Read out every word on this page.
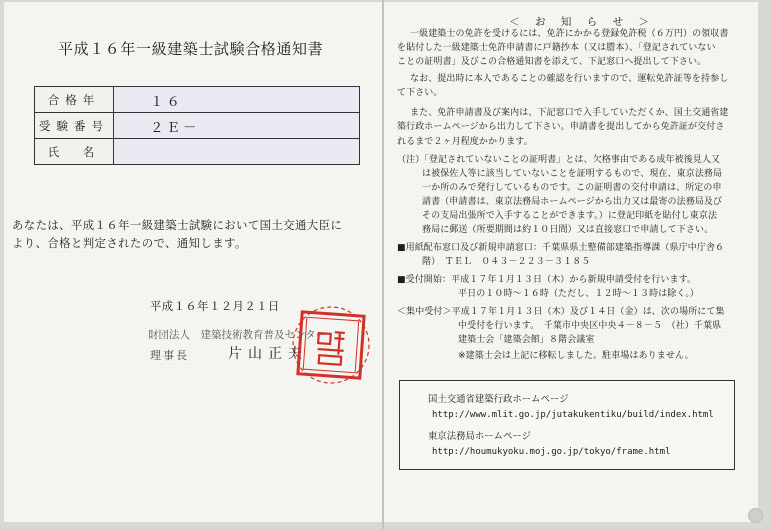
平成１６年一級建築士試験合格通知書
合格年	１６
受験番号	２Ｅ－
氏　名	
あなたは、平成１６年一級建築士試験において国土交通大臣に
より、合格と判定されたので、通知します。
平成１６年１２月２１日
財団法人　建築技術教育普及センター
理事長	片山正夫
＜ お 知 ら せ ＞
一級建築士の免許を受けるには、免許にかかる登録免許税（６万円）の領収書
を貼付した一級建築士免許申請書に戸籍抄本（又は謄本）、「登記されていない
ことの証明書」及びこの合格通知書を添えて、下記窓口へ提出して下さい。
なお、提出時に本人であることの確認を行いますので、運転免許証等を持参し
て下さい。
また、免許申請書及び案内は、下記窓口で入手していただくか、国土交通省建
築行政ホームページから出力して下さい。申請書を提出してから免許証が交付さ
れるまで２ヶ月程度かかります。
（注）「登記されていないことの証明書」とは、欠格事由である成年被後見人又
は被保佐人等に該当していないことを証明するもので、現在、東京法務局
一か所のみで発行しているものです。この証明書の交付申請は、所定の申
請書（申請書は、東京法務局ホームページから出力又は最寄の法務局及び
その支局出張所で入手することができます。）に登記印紙を貼付し東京法
務局に郵送（所要期間は約１０日間）又は直接窓口で申請して下さい。
■用紙配布窓口及び新規申請窓口：千葉県県土整備部建築指導課（県庁中庁舎６
階）　ＴＥＬ　０４３－２２３－３１８５
■受付開始：平成１７年１月１３日（木）から新規申請受付を行います。
平日の１０時～１６時（ただし、１２時～１３時は除く。）
＜集中受付＞平成１７年１月１３日（木）及び１４日（金）は、次の場所にて集
中受付を行います。　千葉市中央区中央４－８－５　（社）千葉県
建築士会「建築会館」８階会議室
※建築士会は上記に移転しました。駐車場はありません。
国土交通省建築行政ホームページ
http://www.mlit.go.jp/jutakukentiku/build/index.html
東京法務局ホームページ
http://houmukyoku.moj.go.jp/tokyo/frame.html
